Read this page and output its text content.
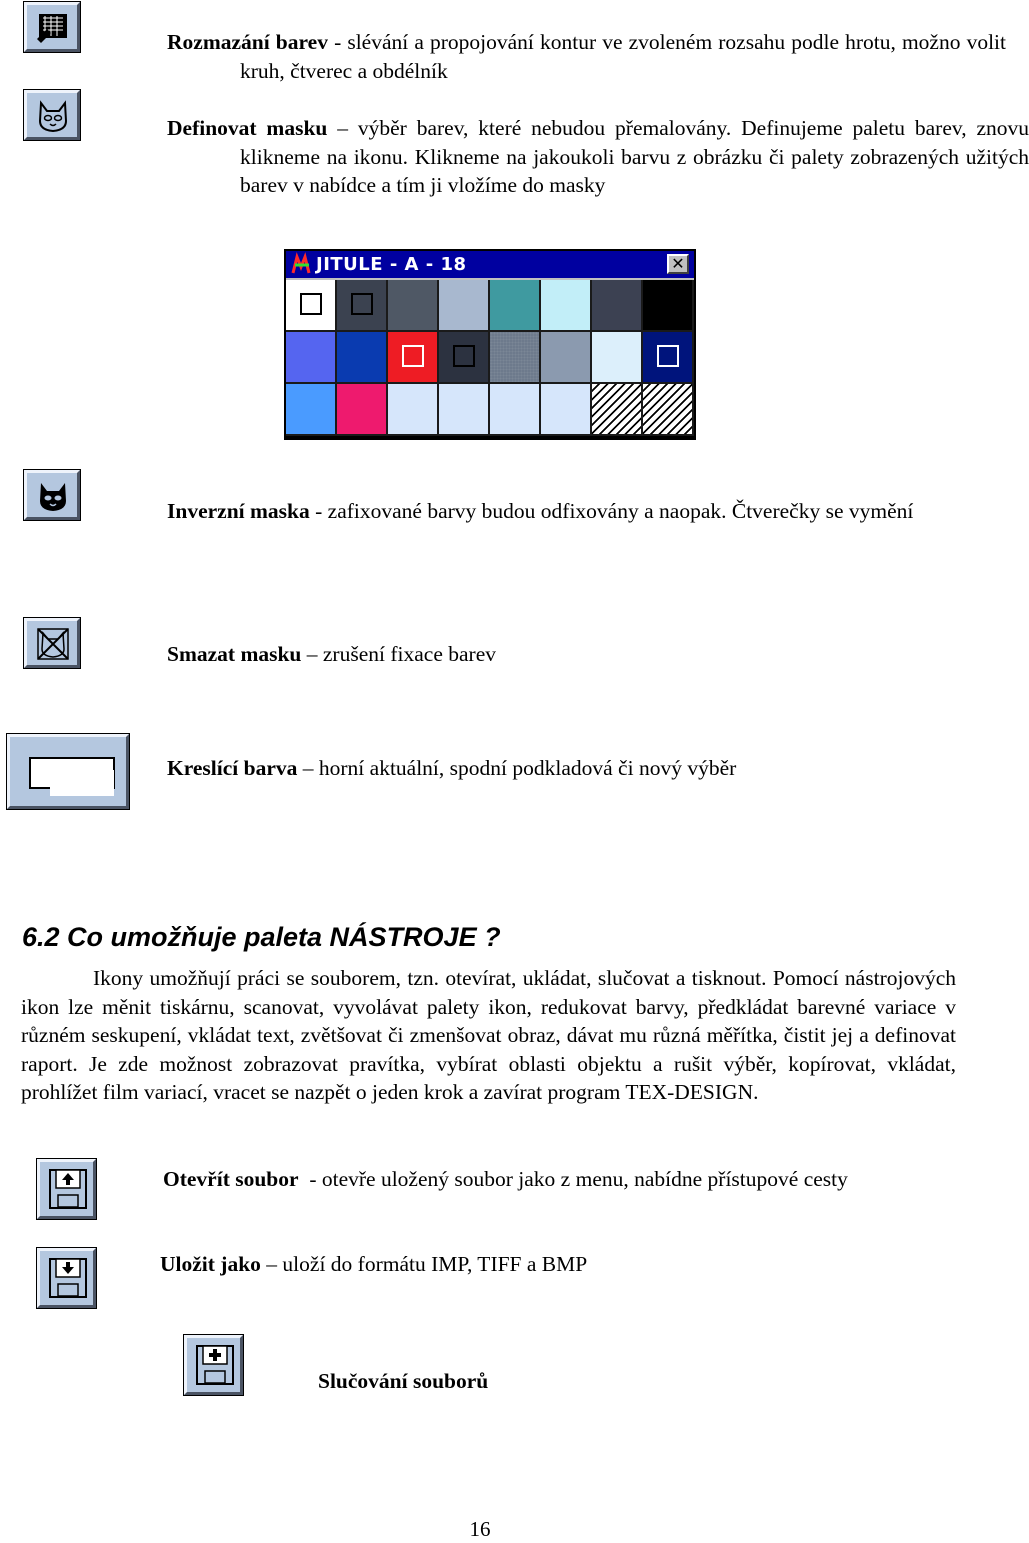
Rozmazání barev - slévání a propojování kontur ve zvoleném rozsahu podle hrotu, možno volit kruh, čtverec a obdélník
Definovat masku – výběr barev, které nebudou přemalovány. Definujeme paletu barev, znovu klikneme na ikonu. Klikneme na jakoukoli barvu z obrázku či palety zobrazených užitých barev v nabídce a tím ji vložíme do masky
JITULE - A - 18	✕
Inverzní maska - zafixované barvy budou odfixovány a naopak. Čtverečky se vymění
Smazat masku – zrušení fixace barev
Kreslící barva – horní aktuální, spodní podkladová či nový výběr
6.2 Co umožňuje paleta NÁSTROJE ?
Ikony umožňují práci se souborem, tzn. otevírat, ukládat, slučovat a tisknout. Pomocí nástrojových ikon lze měnit tiskárnu, scanovat, vyvolávat palety ikon, redukovat barvy, předkládat barevné variace v různém seskupení, vkládat text, zvětšovat či zmenšovat obraz, dávat mu různá měřítka, čistit jej a definovat raport. Je zde možnost zobrazovat pravítka, vybírat oblasti objektu a rušit výběr, kopírovat, vkládat, prohlížet film variací, vracet se nazpět o jeden krok a zavírat program TEX-DESIGN.
Otevřít soubor  - otevře uložený soubor jako z menu, nabídne přístupové cesty
Uložit jako – uloží do formátu IMP, TIFF a BMP
Slučování souborů
16
